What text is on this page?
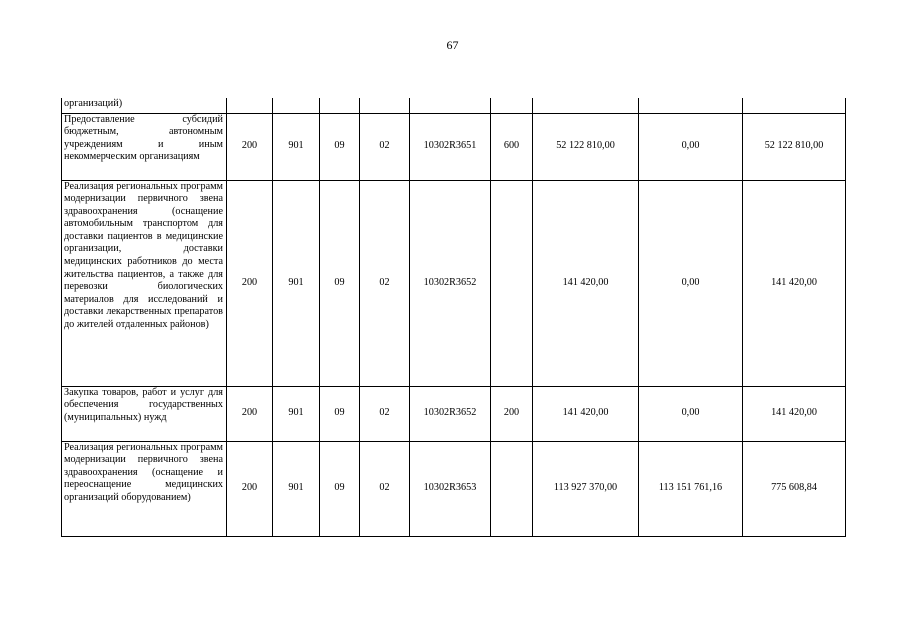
67
организаций)									
Предоставление субсидий бюджетным, автономным учреждениям и иным некоммерческим организациям	200	901	09	02	10302R3651	600	52 122 810,00	0,00	52 122 810,00
Реализация региональных программ модернизации первичного звена здравоохранения (оснащение автомобильным транспортом для доставки пациентов в медицинские организации, доставки медицинских работников до места жительства пациентов, а также для перевозки биологических материалов для исследований и доставки лекарственных препаратов до жителей отдаленных районов)	200	901	09	02	10302R3652		141 420,00	0,00	141 420,00
Закупка товаров, работ и услуг для обеспечения государственных (муниципальных) нужд	200	901	09	02	10302R3652	200	141 420,00	0,00	141 420,00
Реализация региональных программ модернизации первичного звена здравоохранения (оснащение и переоснащение медицинских организаций оборудованием)	200	901	09	02	10302R3653		113 927 370,00	113 151 761,16	775 608,84
